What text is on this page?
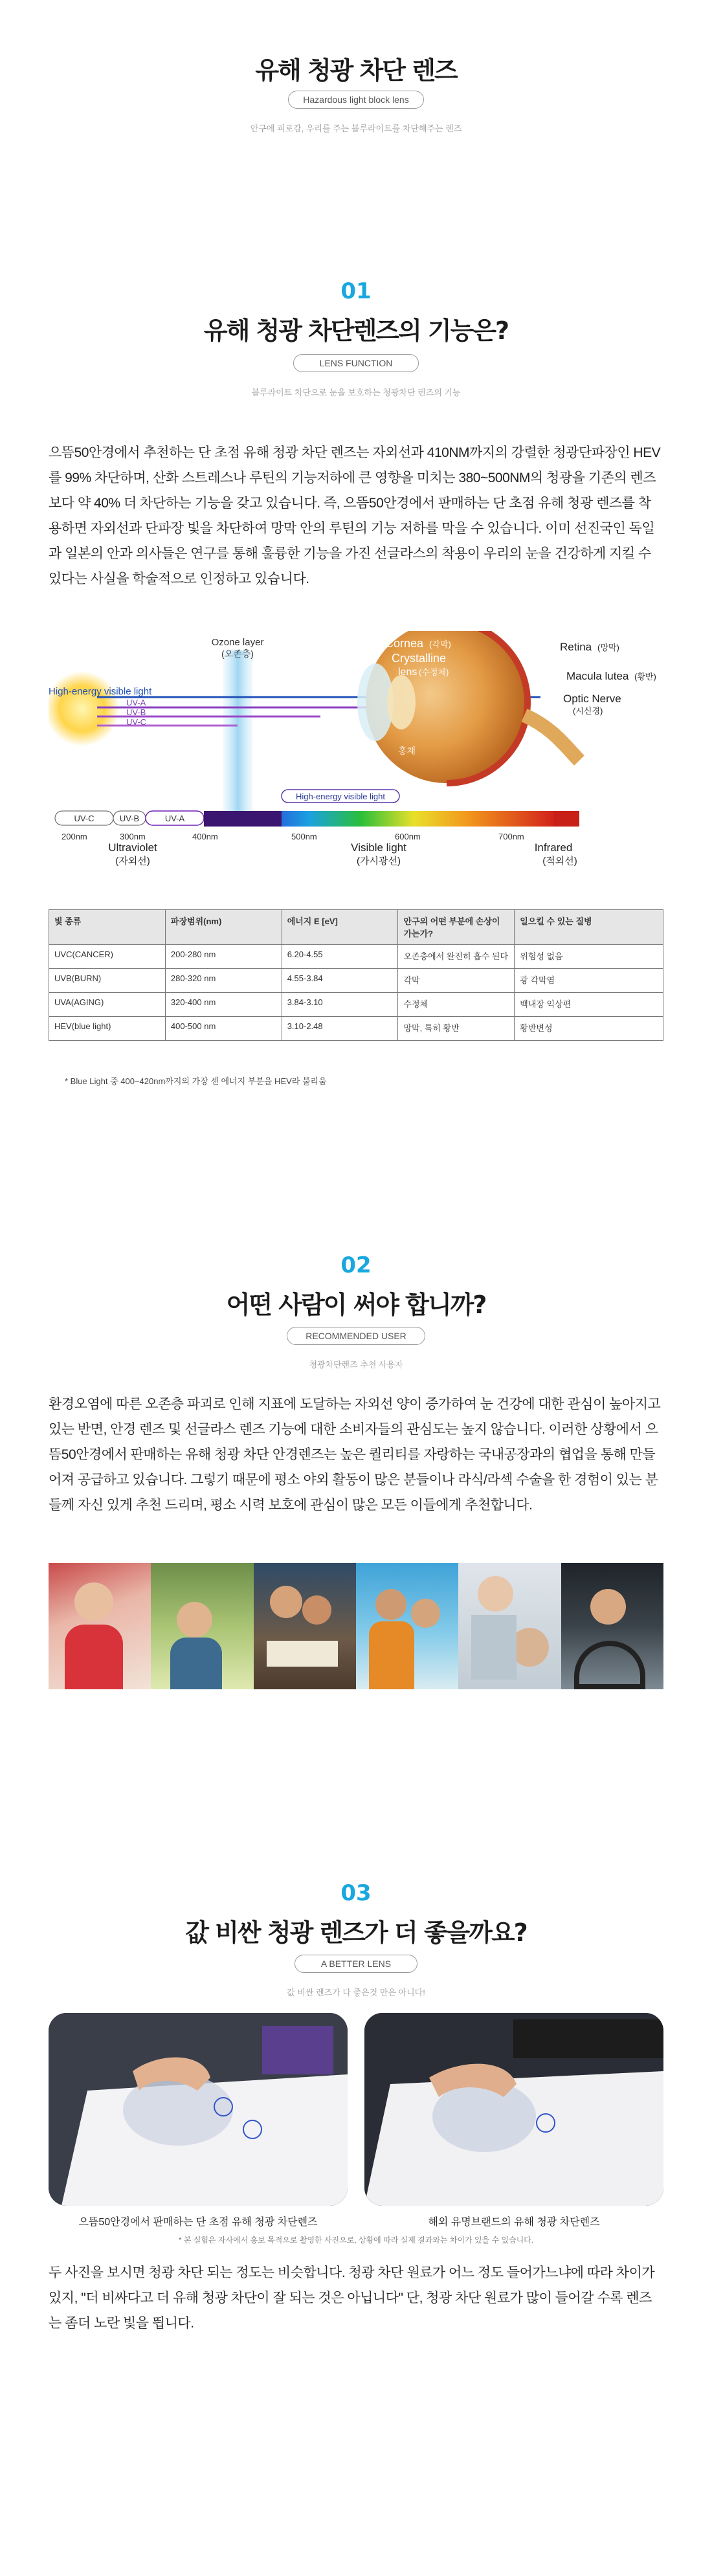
유해 청광 차단 렌즈
Hazardous light block lens
안구에 피로감, 우리를 주는 블루라이트를 차단해주는 렌즈
01
유해 청광 차단렌즈의 기능은?
LENS FUNCTION
블루라이트 차단으로 눈을 보호하는 청광차단 렌즈의 기능
으뜸50안경에서 추천하는 단 초점 유해 청광 차단 렌즈는 자외선과 410NM까지의 강렬한 청광단파장인 HEV를 99% 차단하며, 산화 스트레스나 루틴의 기능저하에 큰 영향을 미치는 380~500NM의 청광을 기존의 렌즈보다 약 40% 더 차단하는 기능을 갖고 있습니다. 즉, 으뜸50안경에서 판매하는 단 초점 유해 청광 렌즈를 착용하면 자외선과 단파장 빛을 차단하여 망막 안의 루틴의 기능 저하를 막을 수 있습니다. 이미 선진국인 독일과 일본의 안과 의사들은 연구를 통해 훌륭한 기능을 가진 선글라스의 착용이 우리의 눈을 건강하게 지킬 수 있다는 사실을 학술적으로 인정하고 있습니다.
Ozone layer
(오존층)
High-energy visible light
UV-A
UV-B
UV-C
Cornea (각막)
Crystalline
lens (수정체)
홍채
Retina (망막)
Macula lutea (황반)
Optic Nerve
(시신경)
High-energy visible light
UV-C	UV-B	UV-A
200nm	300nm	400nm	500nm	600nm	700nm
Ultraviolet
(자외선)
Visible light
(가시광선)
Infrared
(적외선)
빛 종류	파장범위(nm)	에너지 E [eV]	안구의 어떤 부분에 손상이 가는가?	일으킬 수 있는 질병
UVC(CANCER)	200-280 nm	6.20-4.55	오존층에서 완전히 흡수 된다	위험성 없음
UVB(BURN)	280-320 nm	4.55-3.84	각막	광 각막염
UVA(AGING)	320-400 nm	3.84-3.10	수정체	백내장 익상편
HEV(blue light)	400-500 nm	3.10-2.48	망막, 특히 황반	황반변성
* Blue Light 중 400~420nm까지의 가장 센 에너지 부분을 HEV라 불리움
02
어떤 사람이 써야 합니까?
RECOMMENDED USER
청광차단렌즈 추천 사용자
환경오염에 따른 오존층 파괴로 인해 지표에 도달하는 자외선 양이 증가하여 눈 건강에 대한 관심이 높아지고 있는 반면, 안경 렌즈 및 선글라스 렌즈 기능에 대한 소비자들의 관심도는 높지 않습니다. 이러한 상황에서 으뜸50안경에서 판매하는 유해 청광 차단 안경렌즈는 높은 퀄리티를 자랑하는 국내공장과의 협업을 통해 만들어져 공급하고 있습니다. 그렇기 때문에 평소 야외 활동이 많은 분들이나 라식/라섹 수술을 한 경험이 있는 분들께 자신 있게 추천 드리며, 평소 시력 보호에 관심이 많은 모든 이들에게 추천합니다.
03
값 비싼 청광 렌즈가 더 좋을까요?
A BETTER LENS
값 비싼 렌즈가 다 좋은것 만은 아니다!
으뜸50안경에서 판매하는 단 초점 유해 청광 차단렌즈	해외 유명브랜드의 유해 청광 차단렌즈
* 본 실험은 자사에서 홍보 목적으로 촬영한 사진으로, 상황에 따라 실제 결과와는 차이가 있을 수 있습니다.
두 사진을 보시면 청광 차단 되는 정도는 비슷합니다. 청광 차단 원료가 어느 정도 들어가느냐에 따라 차이가 있지, "더 비싸다고 더 유해 청광 차단이 잘 되는 것은 아닙니다" 단, 청광 차단 원료가 많이 들어갈 수록 렌즈는 좀더 노란 빛을 띕니다.
